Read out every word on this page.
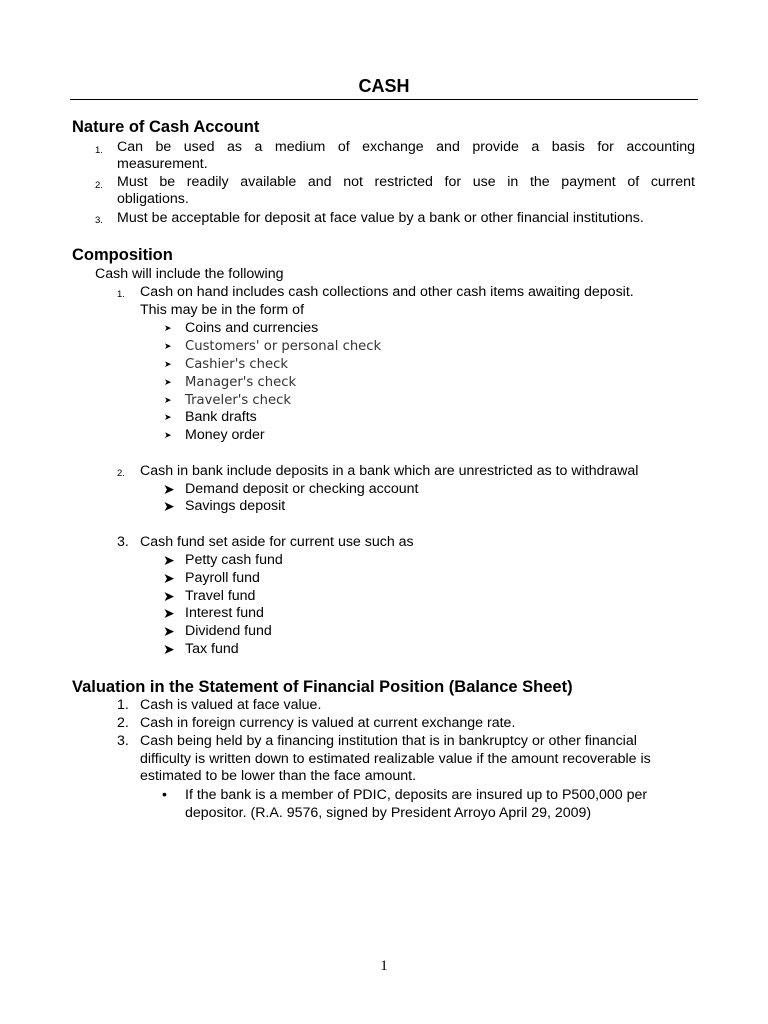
CASH
Nature of Cash Account
1. Can be used as a medium of exchange and provide a basis for accounting
measurement.
2. Must be readily available and not restricted for use in the payment of current
obligations.
3. Must be acceptable for deposit at face value by a bank or other financial institutions.
Composition
Cash will include the following
1. Cash on hand includes cash collections and other cash items awaiting deposit.
This may be in the form of
➤ Coins and currencies
➤ Customers' or personal check
➤ Cashier's check
➤ Manager's check
➤ Traveler's check
➤ Bank drafts
➤ Money order
2. Cash in bank include deposits in a bank which are unrestricted as to withdrawal
➤ Demand deposit or checking account
➤ Savings deposit
3. Cash fund set aside for current use such as
➤ Petty cash fund
➤ Payroll fund
➤ Travel fund
➤ Interest fund
➤ Dividend fund
➤ Tax fund
Valuation in the Statement of Financial Position (Balance Sheet)
1. Cash is valued at face value.
2. Cash in foreign currency is valued at current exchange rate.
3. Cash being held by a financing institution that is in bankruptcy or other financial
difficulty is written down to estimated realizable value if the amount recoverable is
estimated to be lower than the face amount.
• If the bank is a member of PDIC, deposits are insured up to P500,000 per
depositor. (R.A. 9576, signed by President Arroyo April 29, 2009)
1
